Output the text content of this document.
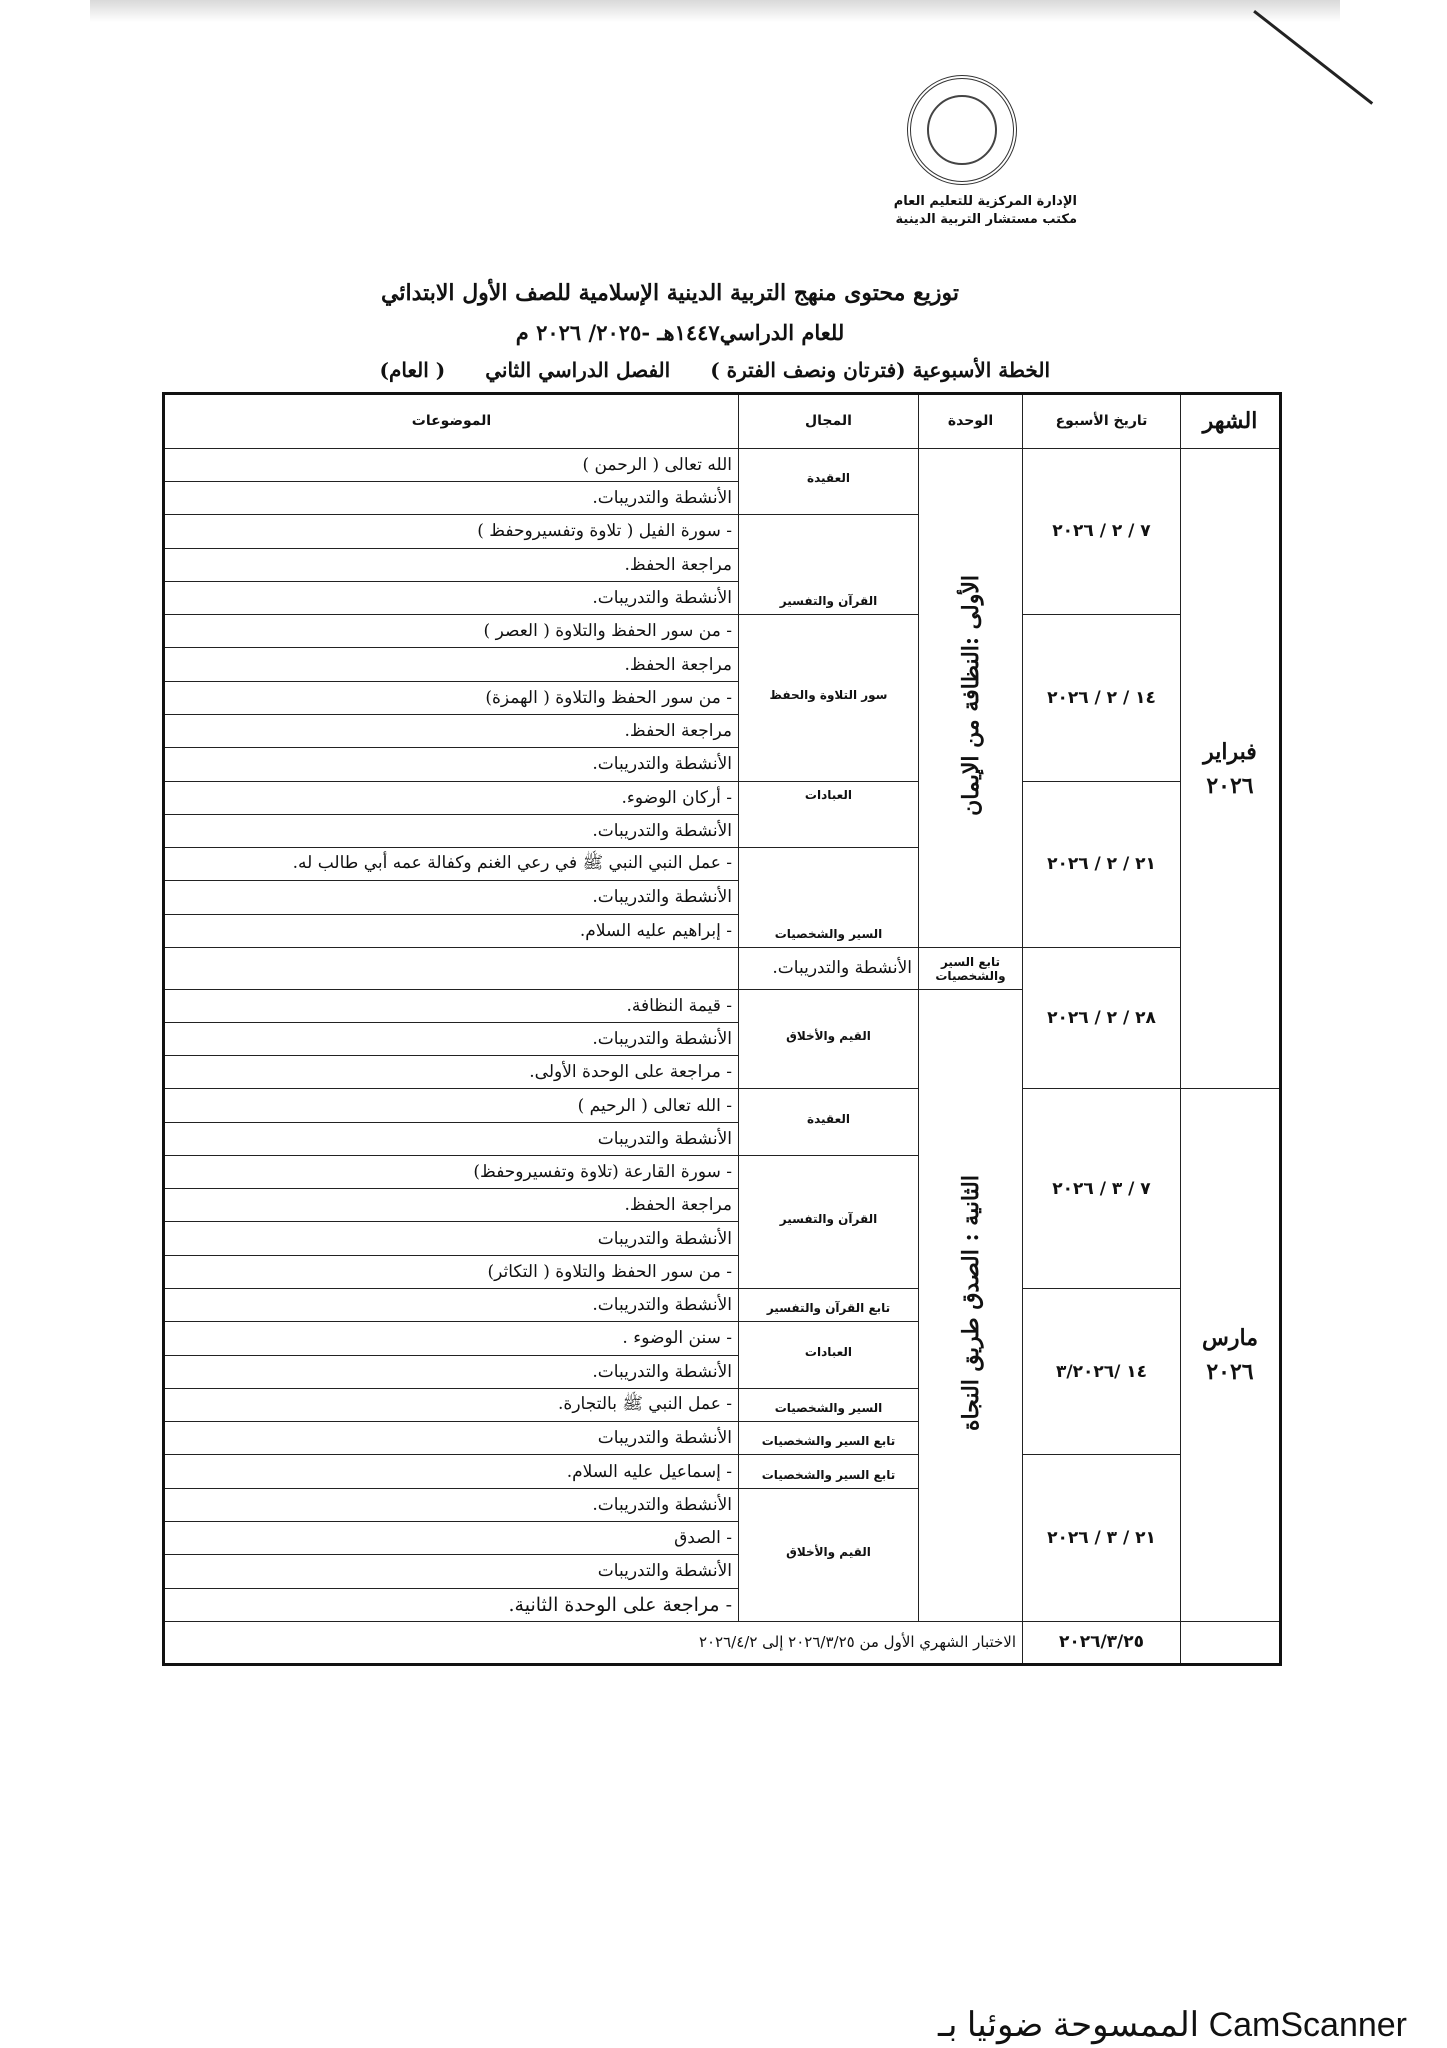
الإدارة المركزية للتعليم العام
مكتب مستشار التربية الدينية
توزيع محتوى منهج التربية الدينية الإسلامية للصف الأول الابتدائي
للعام الدراسي١٤٤٧هـ -٢٠٢٥/ ٢٠٢٦ م
الخطة الأسبوعية (فترتان ونصف الفترة )
الفصل الدراسي الثاني
( العام)
الشهر	تاريخ الأسبوع	الوحدة	المجال	الموضوعات
فبراير ٢٠٢٦	٧ / ٢ / ٢٠٢٦	الأولى :النظافة من الإيمان	العقيدة	الله تعالى ( الرحمن )
				الأنشطة والتدريبات.
			القرآن والتفسير	- سورة الفيل ( تلاوة وتفسيروحفظ )
				مراجعة الحفظ.
				الأنشطة والتدريبات.
	١٤ / ٢ / ٢٠٢٦		سور التلاوة والحفظ	- من سور الحفظ والتلاوة ( العصر )
				مراجعة الحفظ.
				- من سور الحفظ والتلاوة ( الهمزة)
				مراجعة الحفظ.
				الأنشطة والتدريبات.
	٢١ / ٢ / ٢٠٢٦		العبادات	- أركان الوضوء.
				الأنشطة والتدريبات.
			السير والشخصيات	- عمل النبي النبي ﷺ في رعي الغنم وكفالة عمه أبي طالب له.
				الأنشطة والتدريبات.
				- إبراهيم عليه السلام.
	٢٨ / ٢ / ٢٠٢٦	تابع السير والشخصيات	الأنشطة والتدريبات.	
		الثانية : الصدق طريق النجاة	القيم والأخلاق	- قيمة النظافة.
				الأنشطة والتدريبات.
				- مراجعة على الوحدة الأولى.
مارس ٢٠٢٦	٧ / ٣ / ٢٠٢٦		العقيدة	- الله تعالى ( الرحيم )
				الأنشطة والتدريبات
			القرآن والتفسير	- سورة القارعة (تلاوة وتفسيروحفظ)
				مراجعة الحفظ.
				الأنشطة والتدريبات
				- من سور الحفظ والتلاوة ( التكاثر)
	١٤ /٣/٢٠٢٦		تابع القرآن والتفسير	الأنشطة والتدريبات.
			العبادات	- سنن الوضوء .
				الأنشطة والتدريبات.
			السير والشخصيات	- عمل النبي ﷺ بالتجارة.
			تابع السير والشخصيات	الأنشطة والتدريبات
	٢١ / ٣ / ٢٠٢٦		تابع السير والشخصيات	- إسماعيل عليه السلام.
			القيم والأخلاق	الأنشطة والتدريبات.
				- الصدق
				الأنشطة والتدريبات
				- مراجعة على الوحدة الثانية.
	٢٠٢٦/٣/٢٥	الاختبار الشهري الأول من ٢٠٢٦/٣/٢٥ إلى ٢٠٢٦/٤/٢		
CamScanner الممسوحة ضوئيا بـ
